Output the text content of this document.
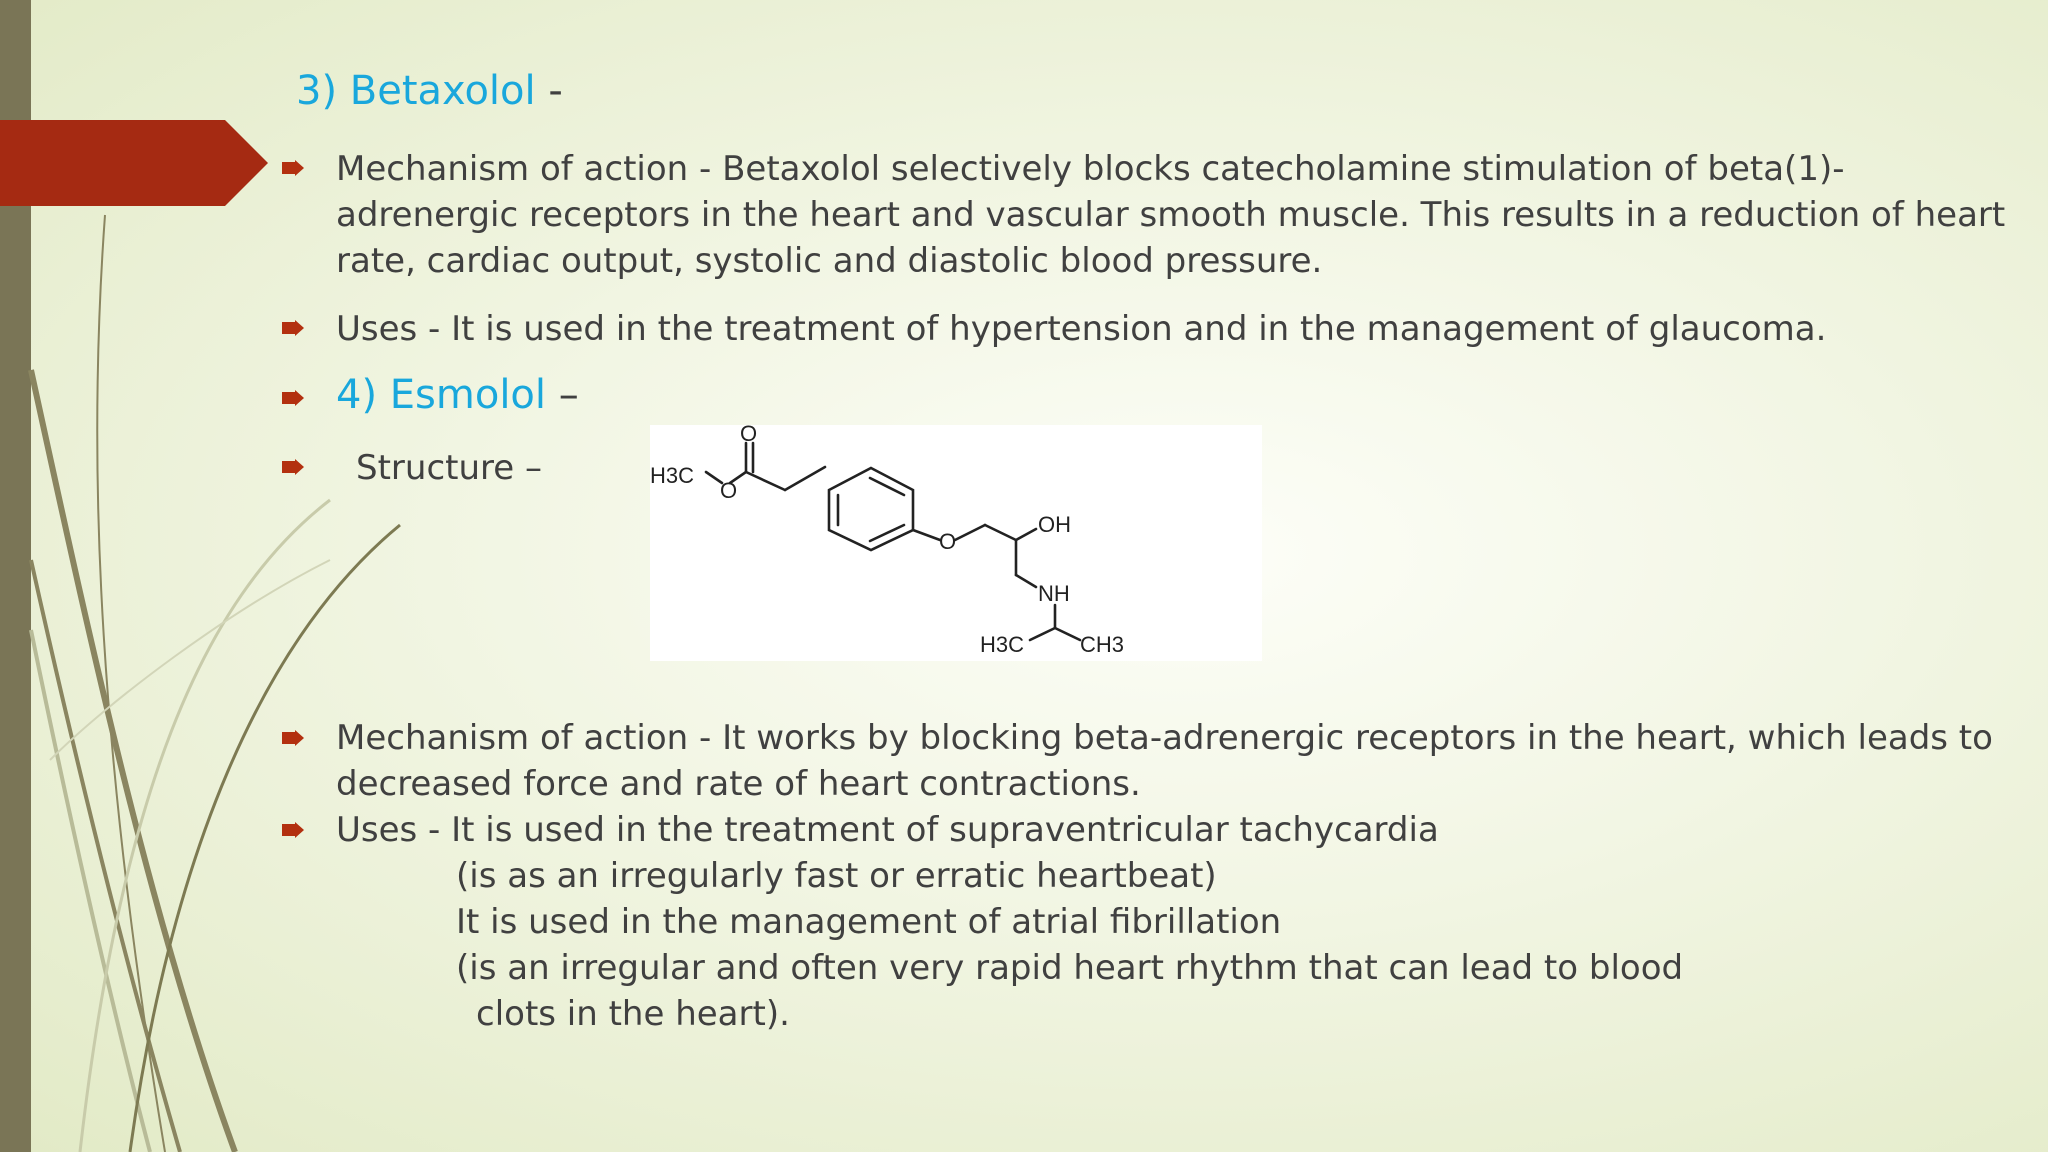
3) Betaxolol -
Mechanism of action - Betaxolol selectively blocks catecholamine stimulation of beta(1)-
adrenergic receptors in the heart and vascular smooth muscle. This results in a reduction of heart
rate, cardiac output, systolic and diastolic blood pressure.
Uses - It is used in the treatment of hypertension and in the management of glaucoma.
4) Esmolol –
Structure –	H3C
O
O
O
OH
NH
CH3
H3C
Mechanism of action - It works by blocking beta-adrenergic receptors in the heart, which leads to
decreased force and rate of heart contractions.
Uses - It is used in the treatment of supraventricular tachycardia
(is as an irregularly fast or erratic heartbeat)
It is used in the management of atrial fibrillation
(is an irregular and often very rapid heart rhythm that can lead to blood
clots in the heart).
